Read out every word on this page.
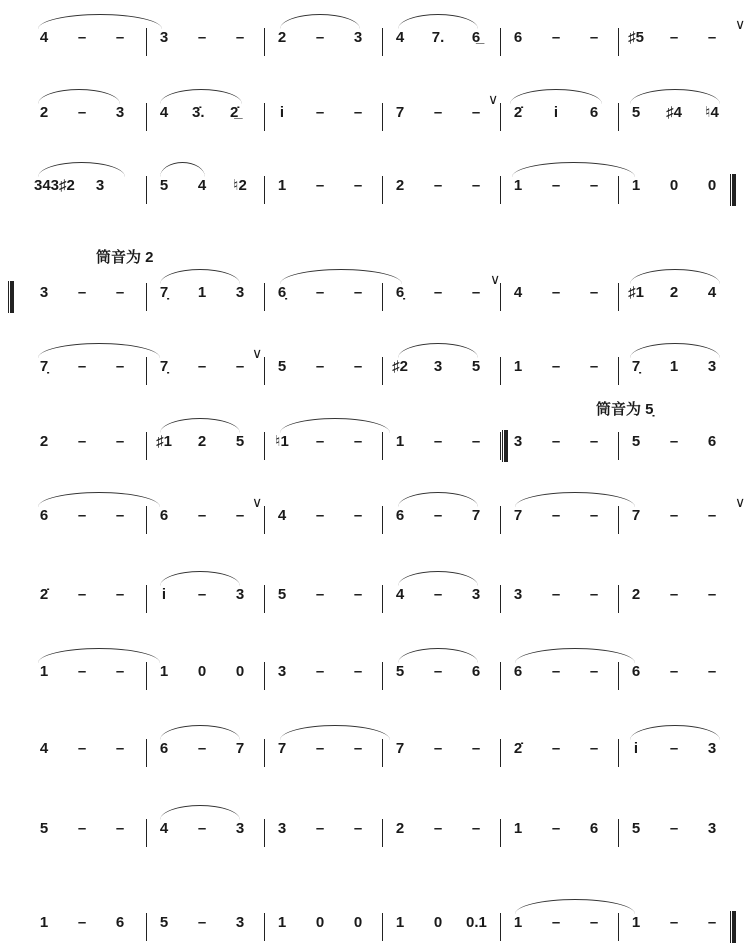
筒音为 2
筒音为 5̣
4	–	–	3	–	–	2	–	3	4	7.	6̲	6	–	–	♯5	–	–
∨
2	–	3	4	3̇.	2̲̇	i	–	–	7	–	–	2̇	i	6	5	♯4 ♮4
∨
343♯2	3	5	4	♮2	1	–	–	2	–	–	1	–	–	1	0	0
3	–	–	7̣	1	3	6̣	–	–	6̣	–	–	4	–	–	♯1	2	4
∨
7̣	–	–	7̣	–	–	5	–	–	♯2	3	5	1	–	–	7̣	1	3
∨
2	–	–	♯1	2	5	♮1	–	–	1	–	–	3	–	–	5	–	6
6	–	–	6	–	–	4	–	–	6	–	7	7	–	–	7	–	–
∨	∨
2̇	–	–	i	–	3	5	–	–	4	–	3	3	–	–	2	–	–
1	–	–	1	0	0	3	–	–	5	–	6	6	–	–	6	–	–
4	–	–	6	–	7	7	–	–	7	–	–	2̇	–	–	i	–	3
5	–	–	4	–	3	3	–	–	2	–	–	1	–	6	5	–	3
1	–	6	5	–	3	1	0	0	1	0	0.1	1	–	–	1	–	–
